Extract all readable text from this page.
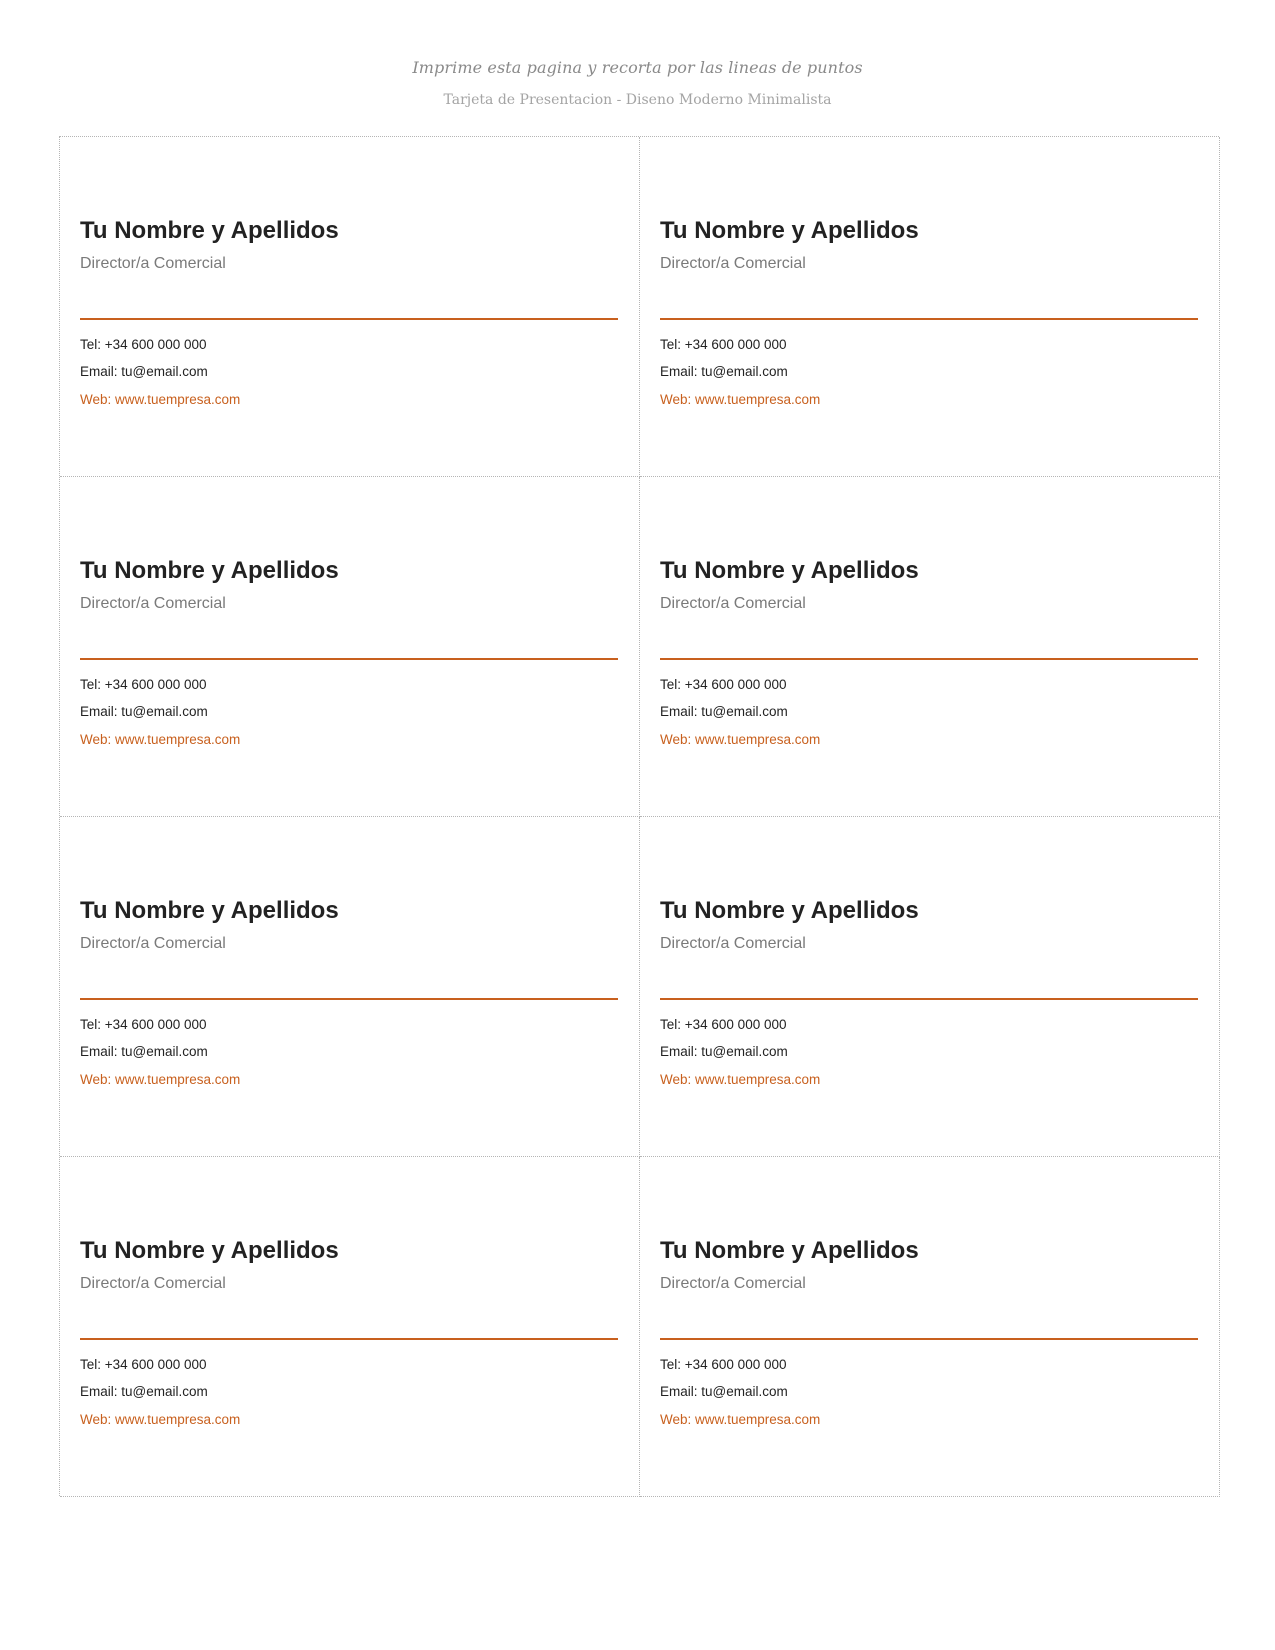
Imprime esta pagina y recorta por las lineas de puntos
Tarjeta de Presentacion - Diseno Moderno Minimalista
Tu Nombre y Apellidos
Director/a Comercial
Tel: +34 600 000 000
Email: tu@email.com
Web: www.tuempresa.com
Tu Nombre y Apellidos
Director/a Comercial
Tel: +34 600 000 000
Email: tu@email.com
Web: www.tuempresa.com
Tu Nombre y Apellidos
Director/a Comercial
Tel: +34 600 000 000
Email: tu@email.com
Web: www.tuempresa.com
Tu Nombre y Apellidos
Director/a Comercial
Tel: +34 600 000 000
Email: tu@email.com
Web: www.tuempresa.com
Tu Nombre y Apellidos
Director/a Comercial
Tel: +34 600 000 000
Email: tu@email.com
Web: www.tuempresa.com
Tu Nombre y Apellidos
Director/a Comercial
Tel: +34 600 000 000
Email: tu@email.com
Web: www.tuempresa.com
Tu Nombre y Apellidos
Director/a Comercial
Tel: +34 600 000 000
Email: tu@email.com
Web: www.tuempresa.com
Tu Nombre y Apellidos
Director/a Comercial
Tel: +34 600 000 000
Email: tu@email.com
Web: www.tuempresa.com
